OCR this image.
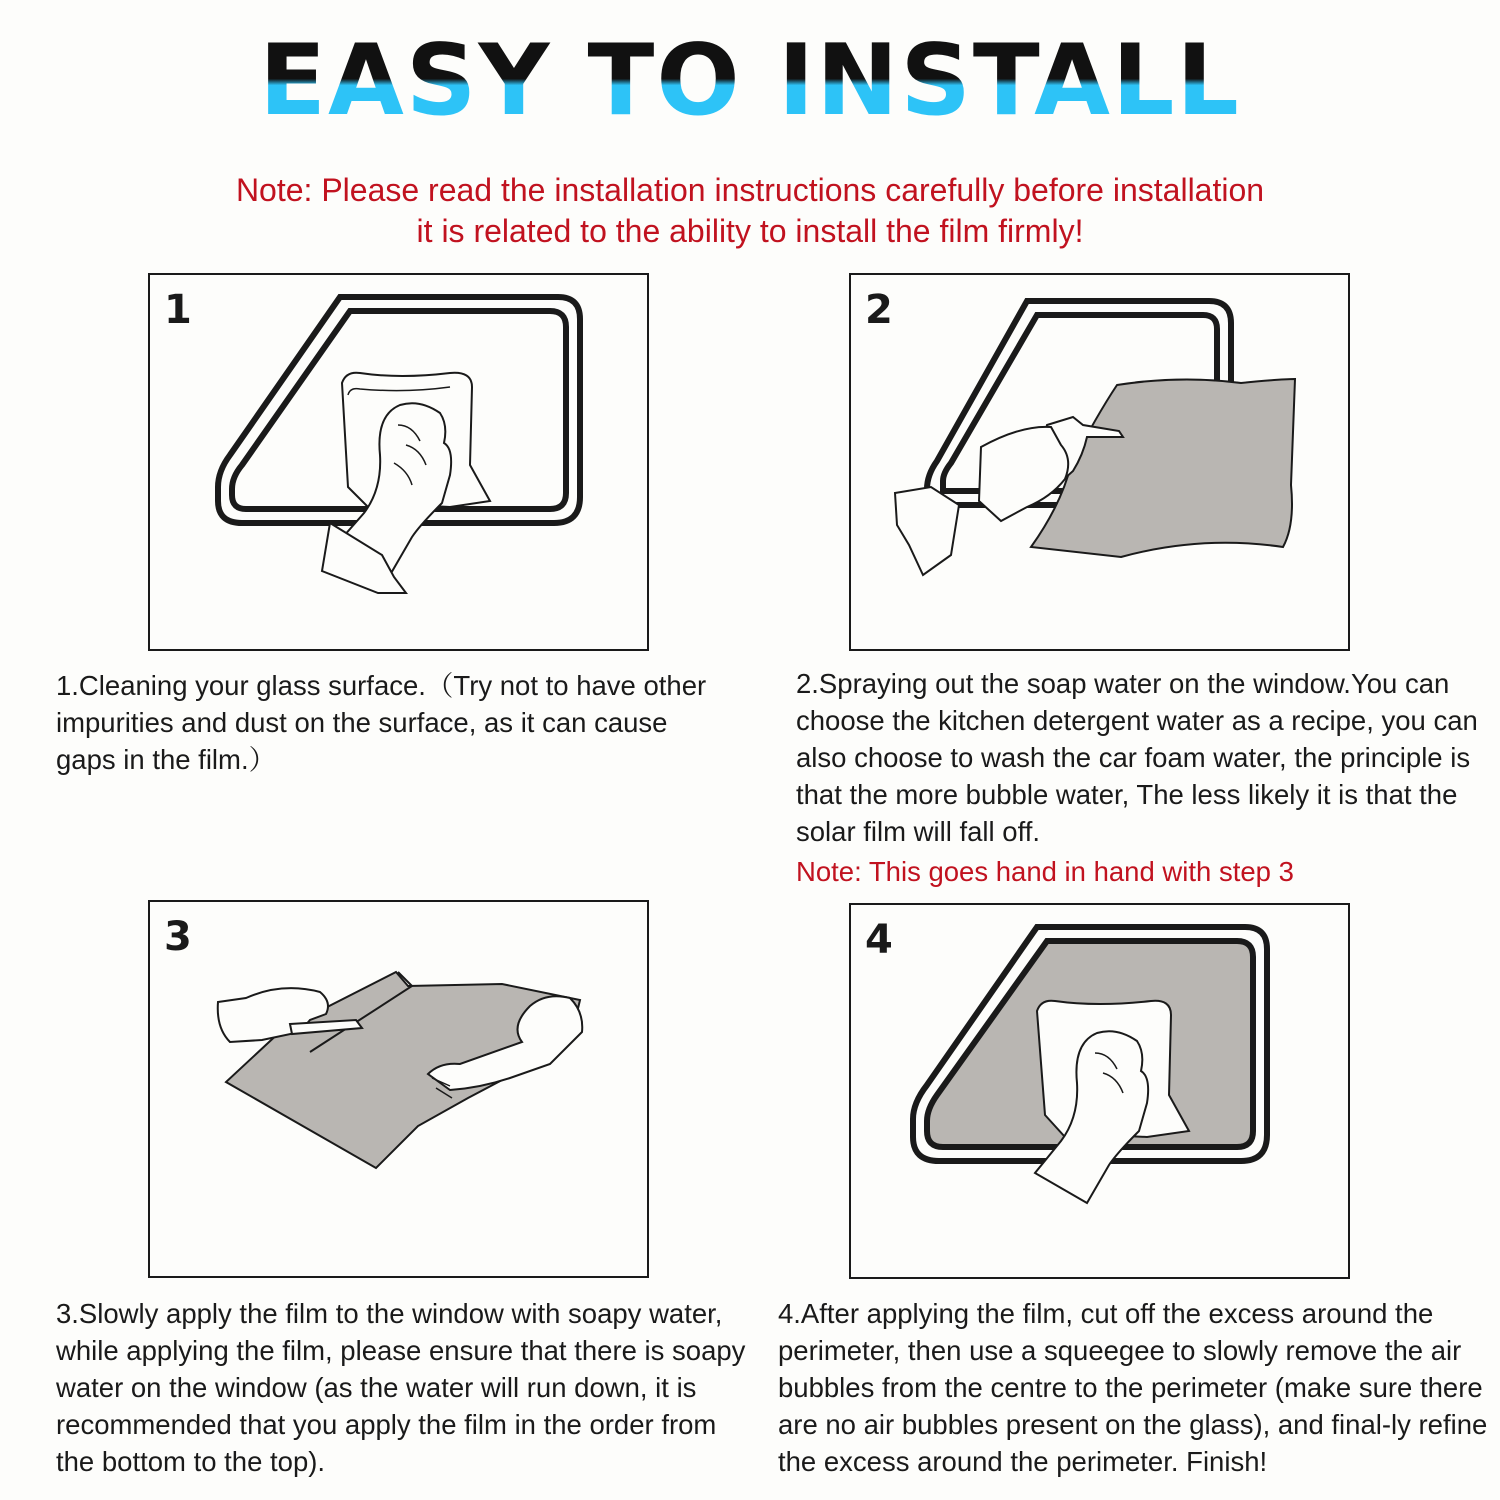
EASY TO INSTALL
Note: Please read the installation instructions carefully before installation
it is related to the ability to install the film firmly!
1
1.Cleaning your glass surface.（Try not to have other impurities and dust on the surface, as it can cause gaps in the film.）
2
2.Spraying out the soap water on the window.You can choose the kitchen detergent water as a recipe, you can also choose to wash the car foam water, the principle is that the more bubble water, The less likely it is that the solar film will fall off.
Note: This goes hand in hand with step 3
3
3.Slowly apply the film to the window with soapy water, while applying the film, please ensure that there is soapy water on the window (as the water will run down, it is recommended that you apply the film in the order from the bottom to the top).
4
4.After applying the film, cut off the excess around the perimeter, then use a squeegee to slowly remove the air bubbles from the centre to the perimeter (make sure there are no air bubbles present on the glass), and final-ly refine the excess around the perimeter. Finish!
